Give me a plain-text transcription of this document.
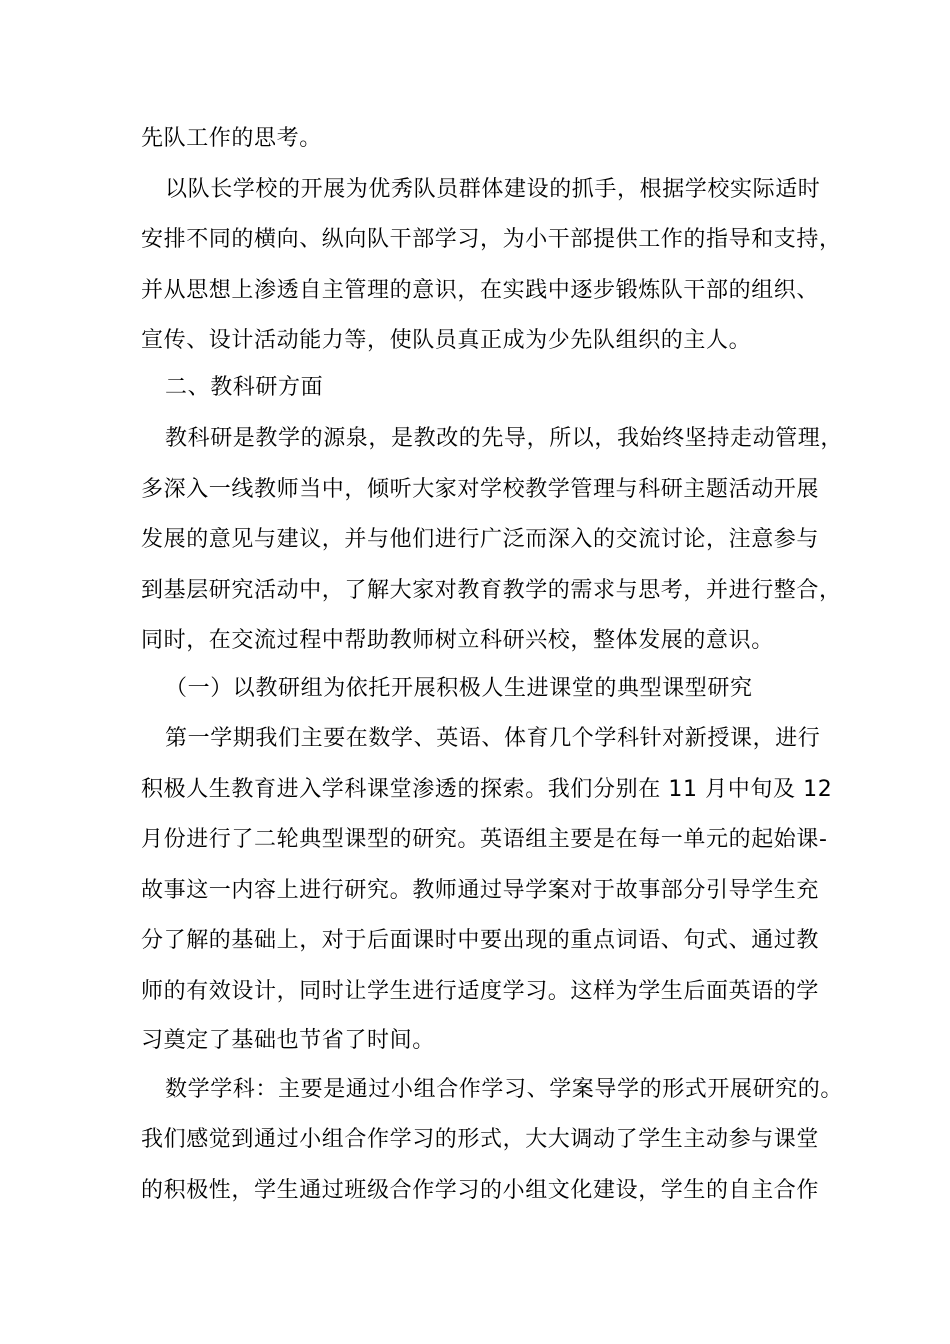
先队工作的思考。
以队长学校的开展为优秀队员群体建设的抓手，根据学校实际适时
安排不同的横向、纵向队干部学习，为小干部提供工作的指导和支持，
并从思想上渗透自主管理的意识，在实践中逐步锻炼队干部的组织、
宣传、设计活动能力等，使队员真正成为少先队组织的主人。
二、教科研方面
教科研是教学的源泉，是教改的先导，所以，我始终坚持走动管理，
多深入一线教师当中，倾听大家对学校教学管理与科研主题活动开展
发展的意见与建议，并与他们进行广泛而深入的交流讨论，注意参与
到基层研究活动中，了解大家对教育教学的需求与思考，并进行整合，
同时，在交流过程中帮助教师树立科研兴校，整体发展的意识。
（一）以教研组为依托开展积极人生进课堂的典型课型研究
第一学期我们主要在数学、英语、体育几个学科针对新授课，进行
积极人生教育进入学科课堂渗透的探索。我们分别在 11 月中旬及 12
月份进行了二轮典型课型的研究。英语组主要是在每一单元的起始课-
故事这一内容上进行研究。教师通过导学案对于故事部分引导学生充
分了解的基础上，对于后面课时中要出现的重点词语、句式、通过教
师的有效设计，同时让学生进行适度学习。这样为学生后面英语的学
习奠定了基础也节省了时间。
数学学科：主要是通过小组合作学习、学案导学的形式开展研究的。
我们感觉到通过小组合作学习的形式，大大调动了学生主动参与课堂
的积极性，学生通过班级合作学习的小组文化建设，学生的自主合作
